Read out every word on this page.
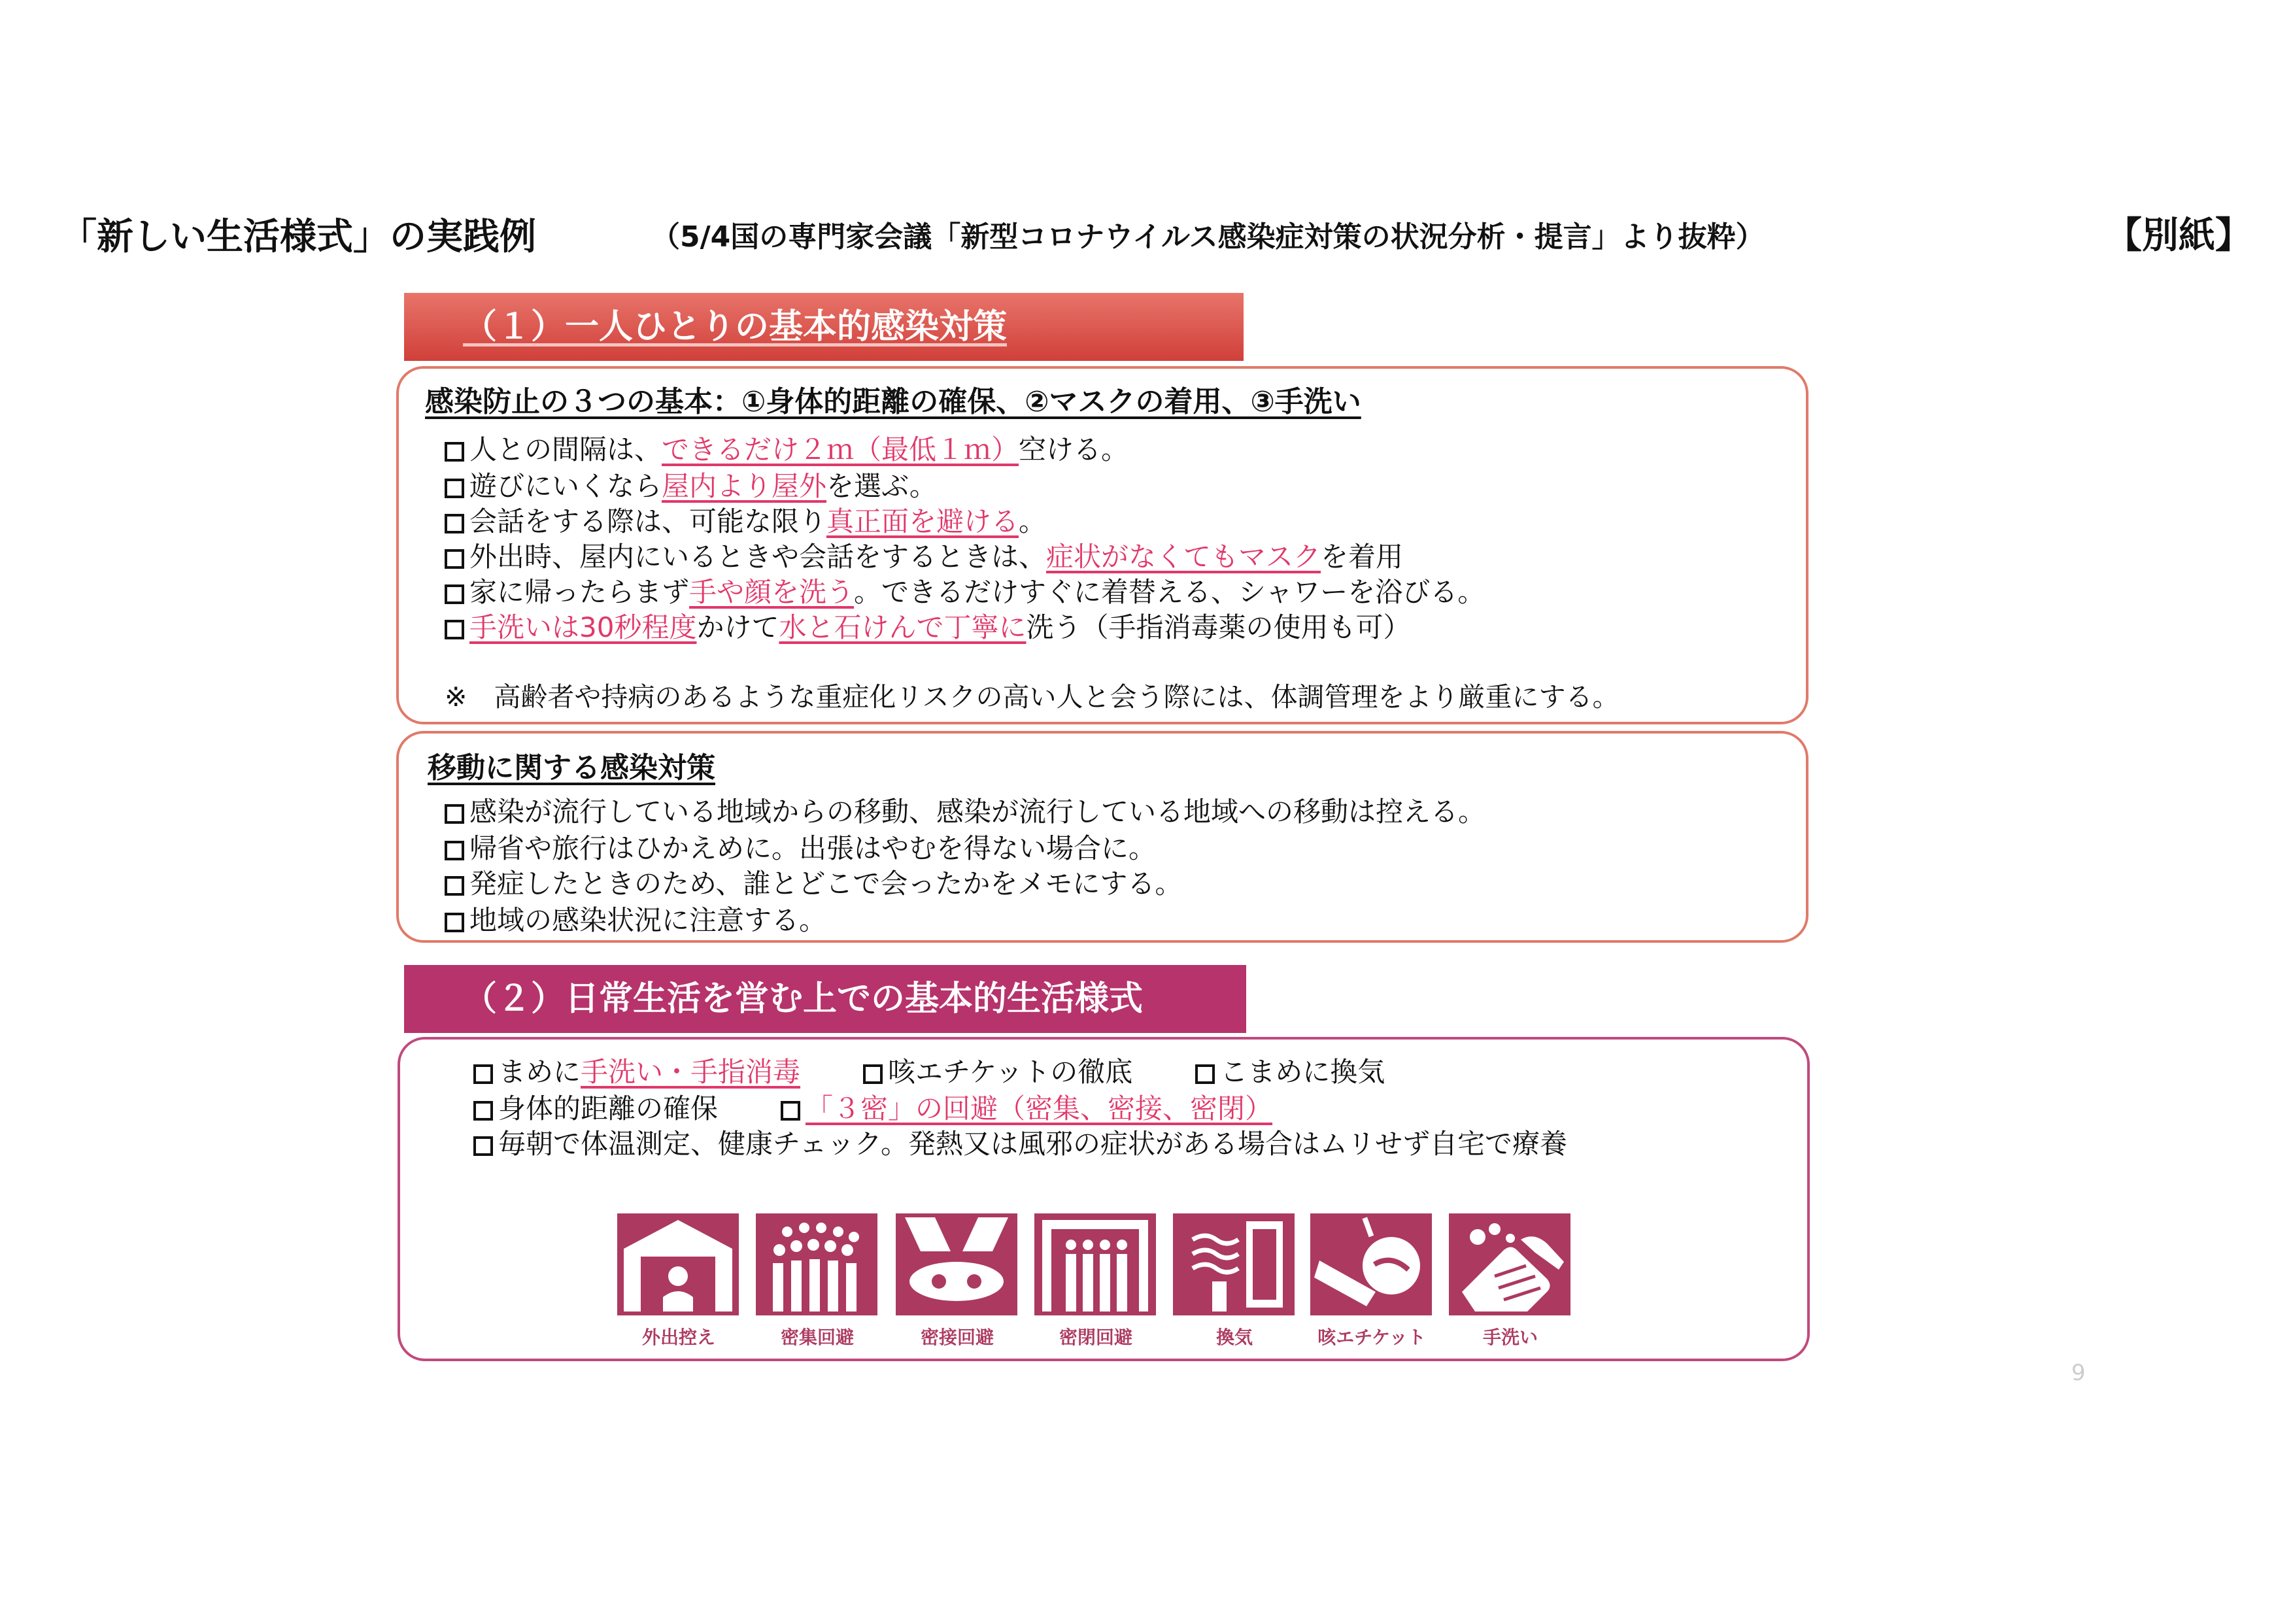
「新しい生活様式」の実践例	（5/4国の専門家会議「新型コロナウイルス感染症対策の状況分析・提言」より抜粋）	【別紙】
（１）一人ひとりの基本的感染対策
感染防止の３つの基本：①身体的距離の確保、②マスクの着用、③手洗い
人との間隔は、できるだけ２ｍ（最低１ｍ）空ける。
遊びにいくなら屋内より屋外を選ぶ。
会話をする際は、可能な限り真正面を避ける。
外出時、屋内にいるときや会話をするときは、症状がなくてもマスクを着用
家に帰ったらまず手や顔を洗う。できるだけすぐに着替える、シャワーを浴びる。
手洗いは30秒程度かけて水と石けんで丁寧に洗う（手指消毒薬の使用も可）
※　高齢者や持病のあるような重症化リスクの高い人と会う際には、体調管理をより厳重にする。
移動に関する感染対策
感染が流行している地域からの移動、感染が流行している地域への移動は控える。
帰省や旅行はひかえめに。出張はやむを得ない場合に。
発症したときのため、誰とどこで会ったかをメモにする。
地域の感染状況に注意する。
（２）日常生活を営む上での基本的生活様式
まめに手洗い・手指消毒	咳エチケットの徹底	こまめに換気
身体的距離の確保	「３密」の回避（密集、密接、密閉）
毎朝で体温測定、健康チェック。発熱又は風邪の症状がある場合はムリせず自宅で療養
外出控え	密集回避	密接回避	密閉回避	換気	咳エチケット	手洗い
9
